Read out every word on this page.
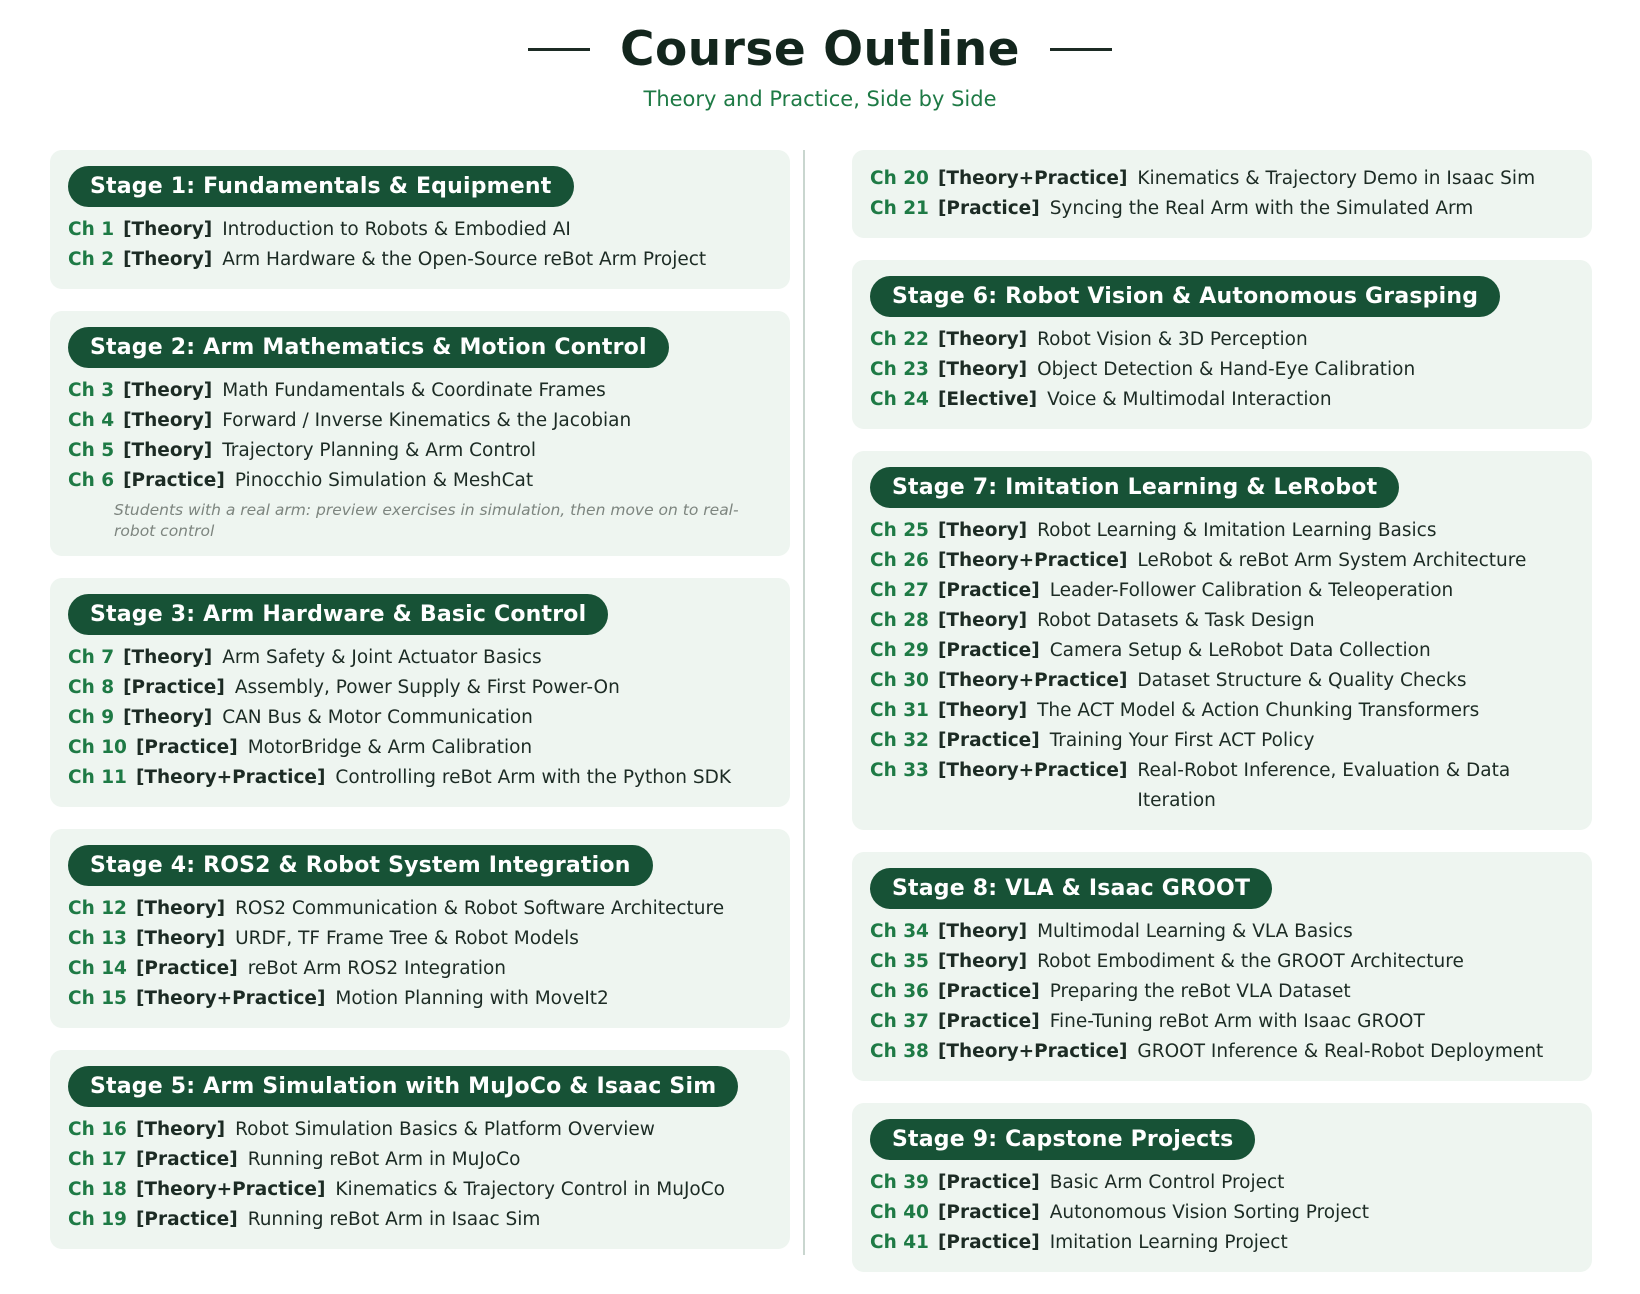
Course Outline
Theory and Practice, Side by Side
Stage 1: Fundamentals & Equipment
Ch 1 [Theory] Introduction to Robots & Embodied AI
Ch 2 [Theory] Arm Hardware & the Open-Source reBot Arm Project
Stage 2: Arm Mathematics & Motion Control
Ch 3 [Theory] Math Fundamentals & Coordinate Frames
Ch 4 [Theory] Forward / Inverse Kinematics & the Jacobian
Ch 5 [Theory] Trajectory Planning & Arm Control
Ch 6 [Practice] Pinocchio Simulation & MeshCat
Students with a real arm: preview exercises in simulation, then move on to real-robot control
Stage 3: Arm Hardware & Basic Control
Ch 7 [Theory] Arm Safety & Joint Actuator Basics
Ch 8 [Practice] Assembly, Power Supply & First Power-On
Ch 9 [Theory] CAN Bus & Motor Communication
Ch 10 [Practice] MotorBridge & Arm Calibration
Ch 11 [Theory+Practice] Controlling reBot Arm with the Python SDK
Stage 4: ROS2 & Robot System Integration
Ch 12 [Theory] ROS2 Communication & Robot Software Architecture
Ch 13 [Theory] URDF, TF Frame Tree & Robot Models
Ch 14 [Practice] reBot Arm ROS2 Integration
Ch 15 [Theory+Practice] Motion Planning with MoveIt2
Stage 5: Arm Simulation with MuJoCo & Isaac Sim
Ch 16 [Theory] Robot Simulation Basics & Platform Overview
Ch 17 [Practice] Running reBot Arm in MuJoCo
Ch 18 [Theory+Practice] Kinematics & Trajectory Control in MuJoCo
Ch 19 [Practice] Running reBot Arm in Isaac Sim
Ch 20 [Theory+Practice] Kinematics & Trajectory Demo in Isaac Sim
Ch 21 [Practice] Syncing the Real Arm with the Simulated Arm
Stage 6: Robot Vision & Autonomous Grasping
Ch 22 [Theory] Robot Vision & 3D Perception
Ch 23 [Theory] Object Detection & Hand-Eye Calibration
Ch 24 [Elective] Voice & Multimodal Interaction
Stage 7: Imitation Learning & LeRobot
Ch 25 [Theory] Robot Learning & Imitation Learning Basics
Ch 26 [Theory+Practice] LeRobot & reBot Arm System Architecture
Ch 27 [Practice] Leader-Follower Calibration & Teleoperation
Ch 28 [Theory] Robot Datasets & Task Design
Ch 29 [Practice] Camera Setup & LeRobot Data Collection
Ch 30 [Theory+Practice] Dataset Structure & Quality Checks
Ch 31 [Theory] The ACT Model & Action Chunking Transformers
Ch 32 [Practice] Training Your First ACT Policy
Ch 33 [Theory+Practice] Real-Robot Inference, Evaluation & Data Iteration
Stage 8: VLA & Isaac GROOT
Ch 34 [Theory] Multimodal Learning & VLA Basics
Ch 35 [Theory] Robot Embodiment & the GROOT Architecture
Ch 36 [Practice] Preparing the reBot VLA Dataset
Ch 37 [Practice] Fine-Tuning reBot Arm with Isaac GROOT
Ch 38 [Theory+Practice] GROOT Inference & Real-Robot Deployment
Stage 9: Capstone Projects
Ch 39 [Practice] Basic Arm Control Project
Ch 40 [Practice] Autonomous Vision Sorting Project
Ch 41 [Practice] Imitation Learning Project
